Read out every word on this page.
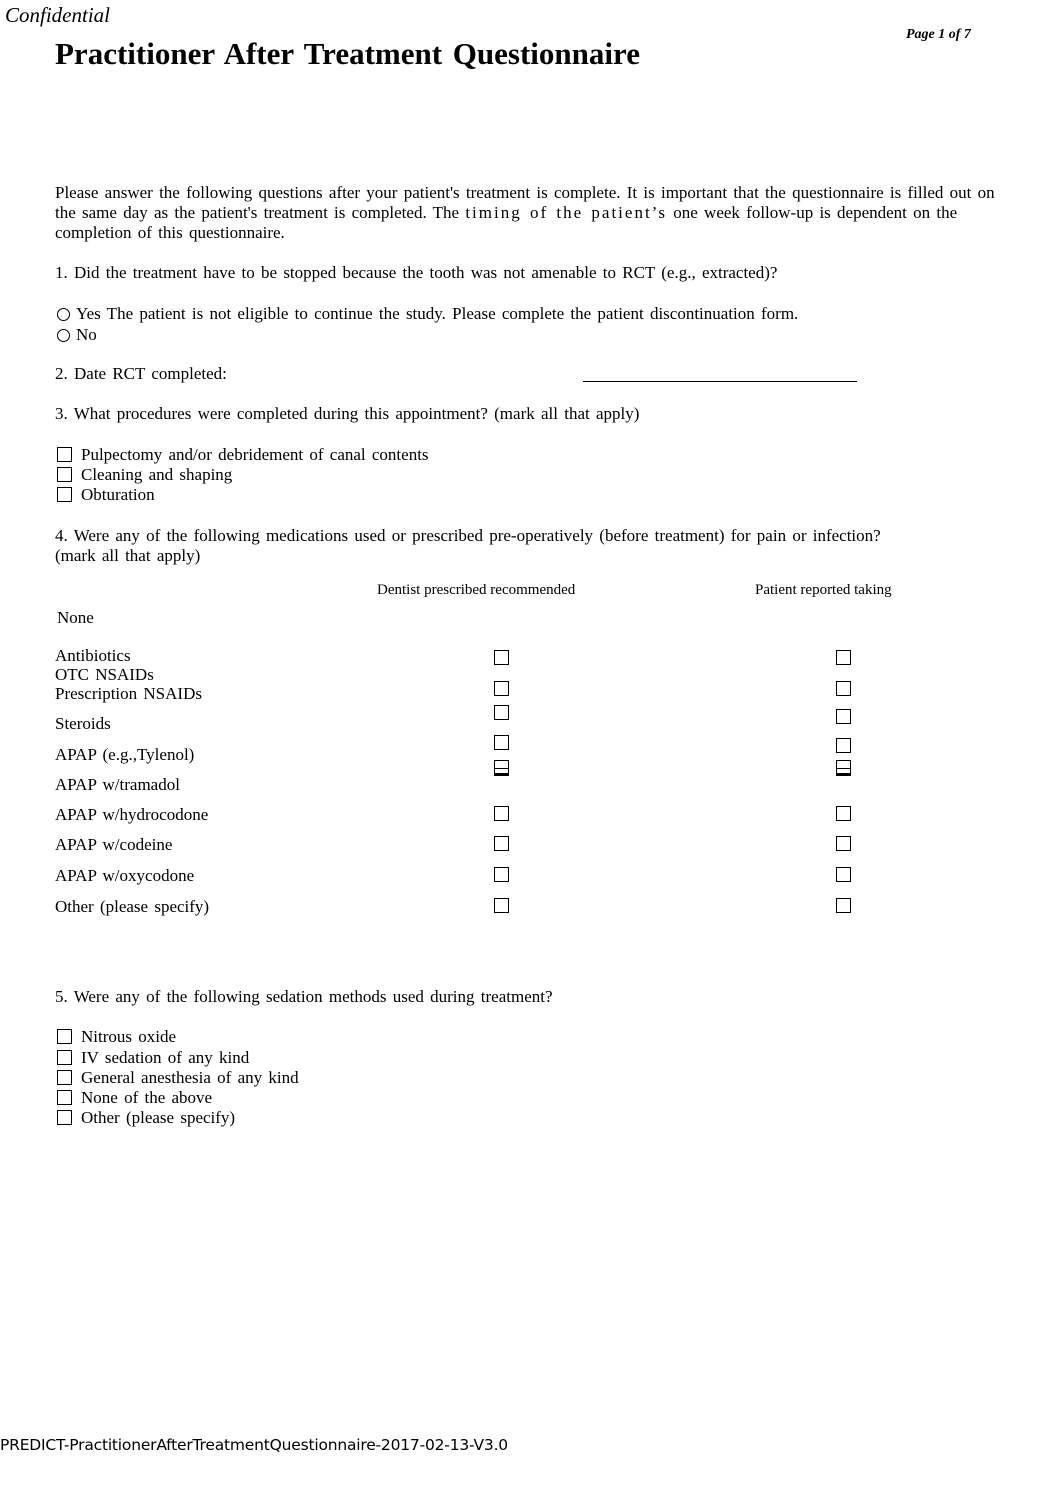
Confidential
Page 1 of 7
Practitioner After Treatment Questionnaire
Please answer the following questions after your patient's treatment is complete. It is important that the questionnaire is filled out on the same day as the patient's treatment is completed. The timing of the patient’s one week follow-up is dependent on the completion of this questionnaire.
1. Did the treatment have to be stopped because the tooth was not amenable to RCT (e.g., extracted)?
Yes The patient is not eligible to continue the study. Please complete the patient discontinuation form.
No
2. Date RCT completed:
3. What procedures were completed during this appointment? (mark all that apply)
Pulpectomy and/or debridement of canal contents
Cleaning and shaping
Obturation
4. Were any of the following medications used or prescribed pre-operatively (before treatment) for pain or infection?
(mark all that apply)
Dentist prescribed recommended	Patient reported taking
None
Antibiotics
OTC NSAIDs
Prescription NSAIDs
Steroids
APAP (e.g.,Tylenol)
APAP w/tramadol
APAP w/hydrocodone
APAP w/codeine
APAP w/oxycodone
Other (please specify)
5. Were any of the following sedation methods used during treatment?
Nitrous oxide
IV sedation of any kind
General anesthesia of any kind
None of the above
Other (please specify)
PREDICT-PractitionerAfterTreatmentQuestionnaire-2017-02-13-V3.0
